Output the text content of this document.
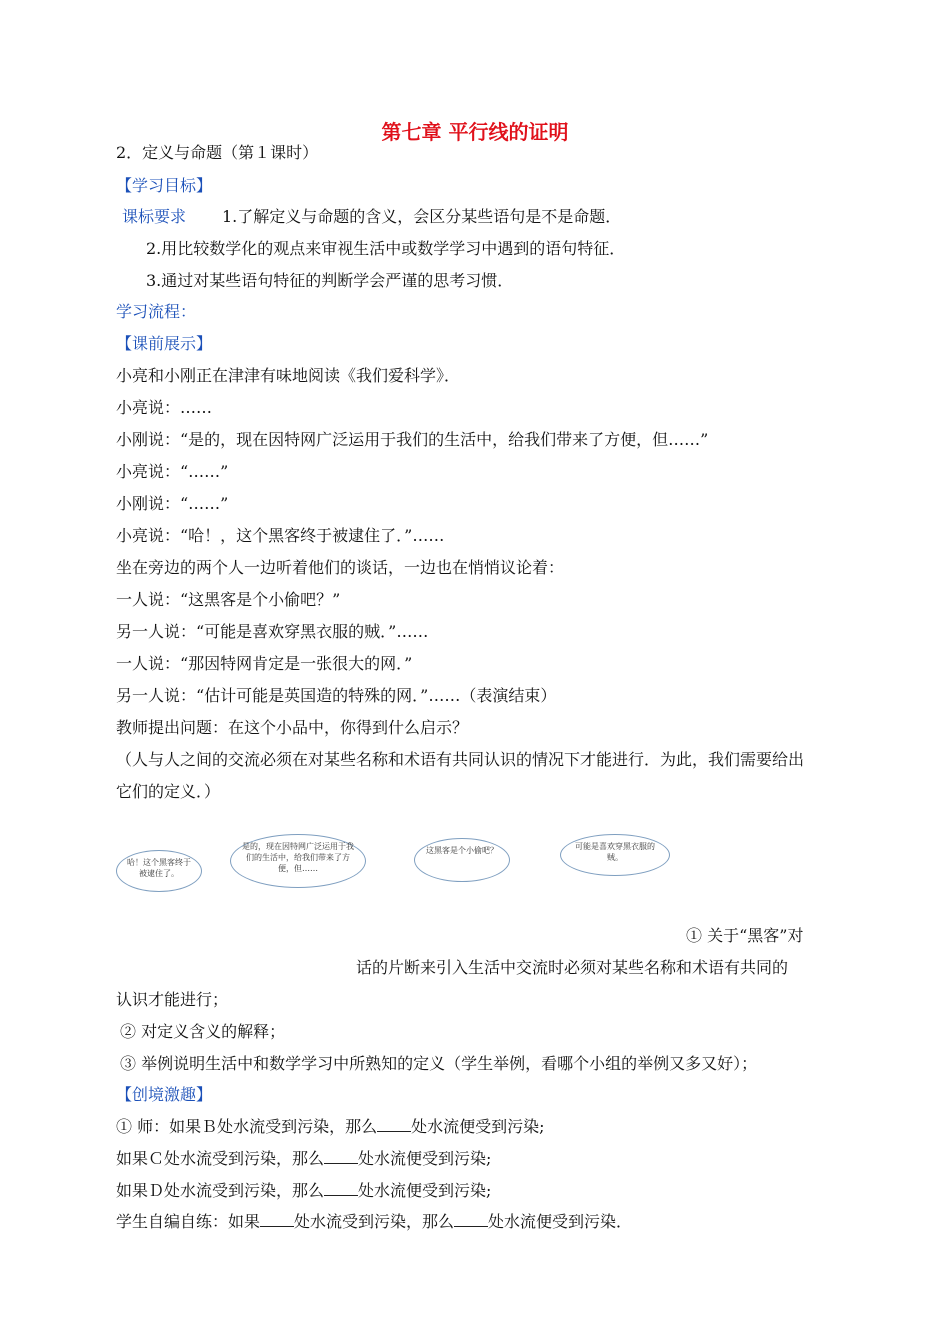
第七章 平行线的证明
2．定义与命题（第１课时）
【学习目标】
课标要求 1.了解定义与命题的含义，会区分某些语句是不是命题．
2.用比较数学化的观点来审视生活中或数学学习中遇到的语句特征．
3.通过对某些语句特征的判断学会严谨的思考习惯．
学习流程：
【课前展示】
小亮和小刚正在津津有味地阅读《我们爱科学》．
小亮说：……
小刚说：“是的，现在因特网广泛运用于我们的生活中，给我们带来了方便，但……”
小亮说：“……”
小刚说：“……”
小亮说：“哈！，这个黑客终于被逮住了．”……
坐在旁边的两个人一边听着他们的谈话，一边也在悄悄议论着：
一人说：“这黑客是个小偷吧？”
另一人说：“可能是喜欢穿黑衣服的贼．”……
一人说：“那因特网肯定是一张很大的网．”
另一人说：“估计可能是英国造的特殊的网．”……（表演结束）
教师提出问题：在这个小品中，你得到什么启示？
（人与人之间的交流必须在对某些名称和术语有共同认识的情况下才能进行．为此，我们需要给出
它们的定义．）
哈！这个黑客终于被逮住了。
是的，现在因特网广泛运用于我们的生活中，给我们带来了方便，但……
这黑客是个小偷吧？	可能是喜欢穿黑衣服的贼。
① 关于“黑客”对
话的片断来引入生活中交流时必须对某些名称和术语有共同的
认识才能进行；
② 对定义含义的解释；
③ 举例说明生活中和数学学习中所熟知的定义（学生举例，看哪个小组的举例又多又好）；
【创境激趣】
① 师：如果Ｂ处水流受到污染，那么 处水流便受到污染;
如果Ｃ处水流受到污染，那么 处水流便受到污染;
如果Ｄ处水流受到污染，那么 处水流便受到污染;
学生自编自练：如果 处水流受到污染，那么 处水流便受到污染．
